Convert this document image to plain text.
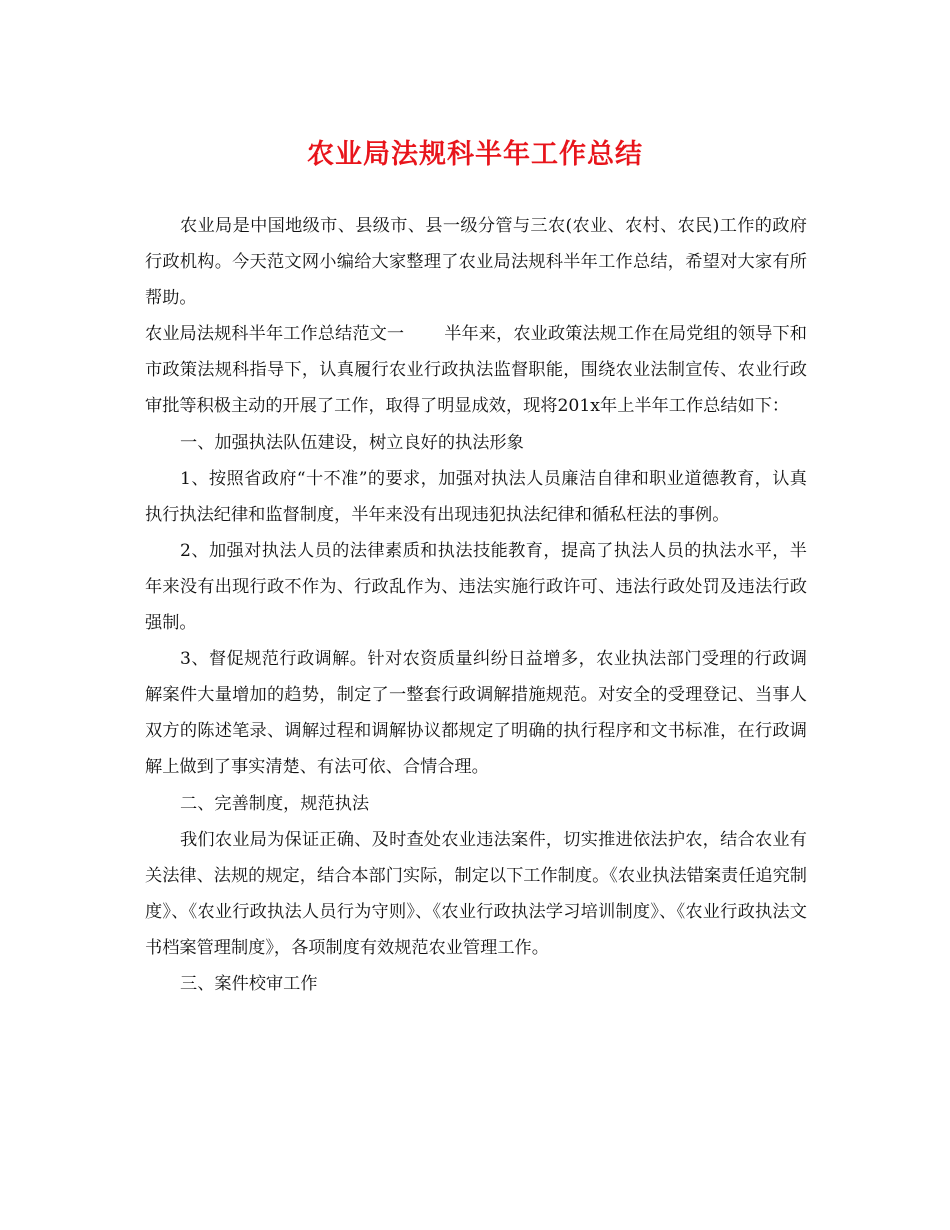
农业局法规科半年工作总结

农业局是中国地级市、县级市、县一级分管与三农(农业、农村、农民)工作的政府行政机构。今天范文网小编给大家整理了农业局法规科半年工作总结，希望对大家有所帮助。

农业局法规科半年工作总结范文一 半年来，农业政策法规工作在局党组的领导下和市政策法规科指导下，认真履行农业行政执法监督职能，围绕农业法制宣传、农业行政审批等积极主动的开展了工作，取得了明显成效，现将201x年上半年工作总结如下：

一、加强执法队伍建设，树立良好的执法形象

1、按照省政府“十不准”的要求，加强对执法人员廉洁自律和职业道德教育，认真执行执法纪律和监督制度，半年来没有出现违犯执法纪律和循私枉法的事例。

2、加强对执法人员的法律素质和执法技能教育，提高了执法人员的执法水平，半年来没有出现行政不作为、行政乱作为、违法实施行政许可、违法行政处罚及违法行政强制。

3、督促规范行政调解。针对农资质量纠纷日益增多，农业执法部门受理的行政调解案件大量增加的趋势，制定了一整套行政调解措施规范。对安全的受理登记、当事人双方的陈述笔录、调解过程和调解协议都规定了明确的执行程序和文书标准，在行政调解上做到了事实清楚、有法可依、合情合理。

二、完善制度，规范执法

我们农业局为保证正确、及时查处农业违法案件，切实推进依法护农，结合农业有关法律、法规的规定，结合本部门实际，制定以下工作制度。《农业执法错案责任追究制度》、《农业行政执法人员行为守则》、《农业行政执法学习培训制度》、《农业行政执法文书档案管理制度》，各项制度有效规范农业管理工作。

三、案件校审工作
